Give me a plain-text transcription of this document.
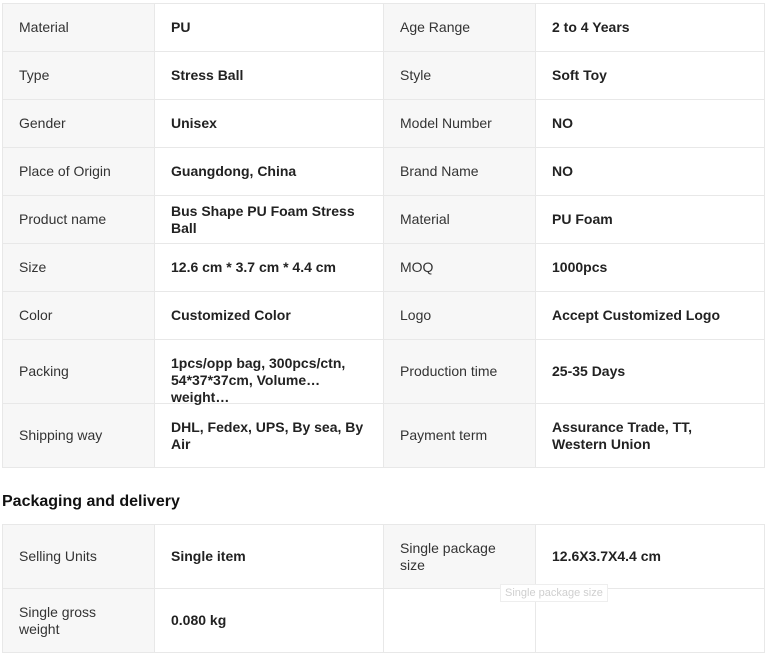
Material	PU	Age Range	2 to 4 Years
Type	Stress Ball	Style	Soft Toy
Gender	Unisex	Model Number	NO
Place of Origin	Guangdong, China	Brand Name	NO
Product name	Bus Shape PU Foam Stress Ball	Material	PU Foam
Size	12.6 cm * 3.7 cm * 4.4 cm	MOQ	1000pcs
Color	Customized Color	Logo	Accept Customized Logo
Packing	1pcs/opp bag, 300pcs/ctn, 54*37*37cm, Volume weight…	Production time	25-35 Days
Shipping way	DHL, Fedex, UPS, By sea, By Air	Payment term	Assurance Trade, TT, Western Union
Packaging and delivery
Selling Units	Single item	Single package size	12.6X3.7X4.4 cm
Single gross weight	0.080 kg		
Single package size
